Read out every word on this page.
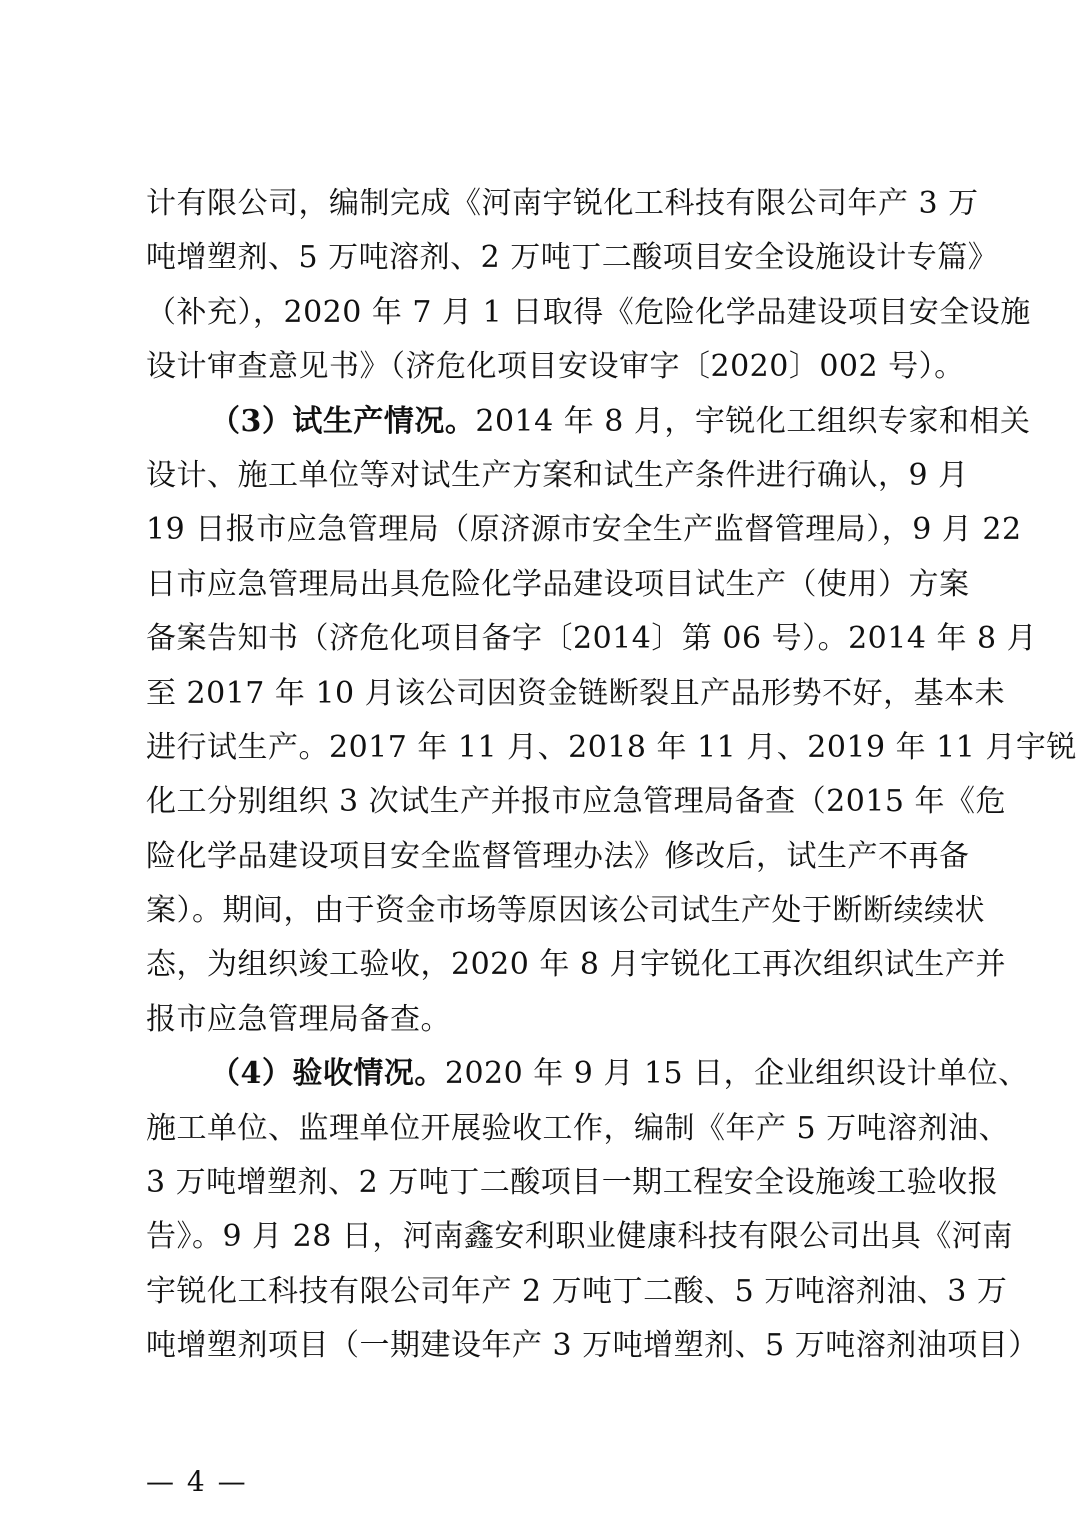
计有限公司，编制完成《河南宇锐化工科技有限公司年产 3 万
吨增塑剂、5 万吨溶剂、2 万吨丁二酸项目安全设施设计专篇》
（补充），2020 年 7 月 1 日取得《危险化学品建设项目安全设施
设计审查意见书》（济危化项目安设审字〔2020〕002 号）。
（3）试生产情况。2014 年 8 月，宇锐化工组织专家和相关
设计、施工单位等对试生产方案和试生产条件进行确认，9 月
19 日报市应急管理局（原济源市安全生产监督管理局），9 月 22
日市应急管理局出具危险化学品建设项目试生产（使用）方案
备案告知书（济危化项目备字〔2014〕第 06 号）。2014 年 8 月
至 2017 年 10 月该公司因资金链断裂且产品形势不好，基本未
进行试生产。2017 年 11 月、2018 年 11 月、2019 年 11 月宇锐
化工分别组织 3 次试生产并报市应急管理局备查（2015 年《危
险化学品建设项目安全监督管理办法》修改后，试生产不再备
案）。期间，由于资金市场等原因该公司试生产处于断断续续状
态，为组织竣工验收，2020 年 8 月宇锐化工再次组织试生产并
报市应急管理局备查。
（4）验收情况。2020 年 9 月 15 日，企业组织设计单位、
施工单位、监理单位开展验收工作，编制《年产 5 万吨溶剂油、
3 万吨增塑剂、2 万吨丁二酸项目一期工程安全设施竣工验收报
告》。9 月 28 日，河南鑫安利职业健康科技有限公司出具《河南
宇锐化工科技有限公司年产 2 万吨丁二酸、5 万吨溶剂油、3 万
吨增塑剂项目（一期建设年产 3 万吨增塑剂、5 万吨溶剂油项目）
— 4 —
